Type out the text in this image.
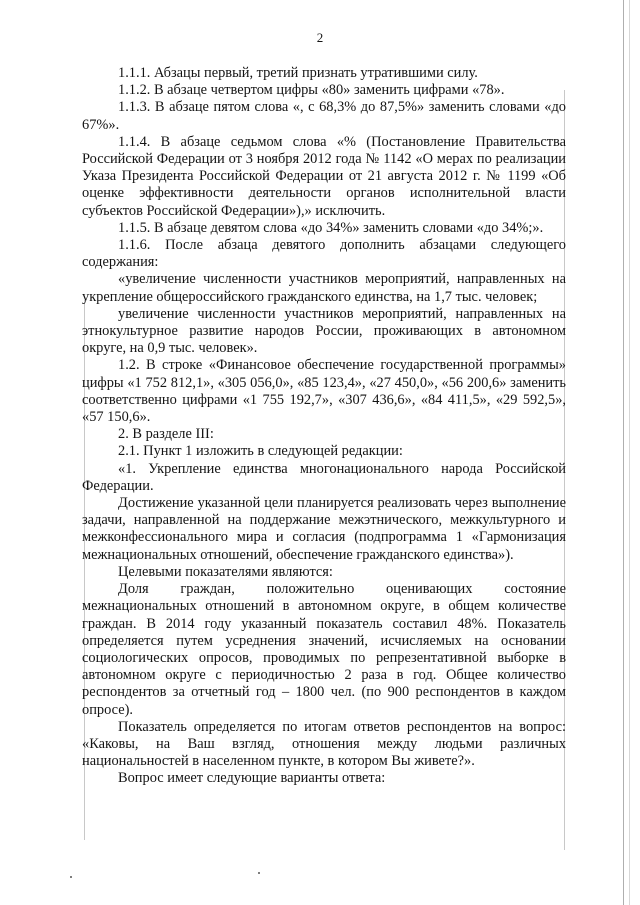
2

1.1.1. Абзацы первый, третий признать утратившими силу.

1.1.2. В абзаце четвертом цифры «80» заменить цифрами «78».

1.1.3. В абзаце пятом слова «, с 68,3% до 87,5%» заменить словами «до 67%».

1.1.4. В абзаце седьмом слова «% (Постановление Правительства Российской Федерации от 3 ноября 2012 года № 1142 «О мерах по реализации Указа Президента Российской Федерации от 21 августа 2012 г. № 1199 «Об оценке эффективности деятельности органов исполнительной власти субъектов Российской Федерации»),» исключить.

1.1.5. В абзаце девятом слова «до 34%» заменить словами «до 34%;».

1.1.6. После абзаца девятого дополнить абзацами следующего содержания:

«увеличение численности участников мероприятий, направленных на укрепление общероссийского гражданского единства, на 1,7 тыс. человек;

увеличение численности участников мероприятий, направленных на этнокультурное развитие народов России, проживающих в автономном округе, на 0,9 тыс. человек».

1.2. В строке «Финансовое обеспечение государственной программы» цифры «1 752 812,1», «305 056,0», «85 123,4», «27 450,0», «56 200,6» заменить соответственно цифрами «1 755 192,7», «307 436,6», «84 411,5», «29 592,5», «57 150,6».

2. В разделе III:

2.1. Пункт 1 изложить в следующей редакции:

«1. Укрепление единства многонационального народа Российской Федерации.

Достижение указанной цели планируется реализовать через выполнение задачи, направленной на поддержание межэтнического, межкультурного и межконфессионального мира и согласия (подпрограмма 1 «Гармонизация межнациональных отношений, обеспечение гражданского единства»).

Целевыми показателями являются:

Доля граждан, положительно оценивающих состояние межнациональных отношений в автономном округе, в общем количестве граждан. В 2014 году указанный показатель составил 48%. Показатель определяется путем усреднения значений, исчисляемых на основании социологических опросов, проводимых по репрезентативной выборке в автономном округе с периодичностью 2 раза в год. Общее количество респондентов за отчетный год – 1800 чел. (по 900 респондентов в каждом опросе).

Показатель определяется по итогам ответов респондентов на вопрос: «Каковы, на Ваш взгляд, отношения между людьми различных национальностей в населенном пункте, в котором Вы живете?».

Вопрос имеет следующие варианты ответа:
